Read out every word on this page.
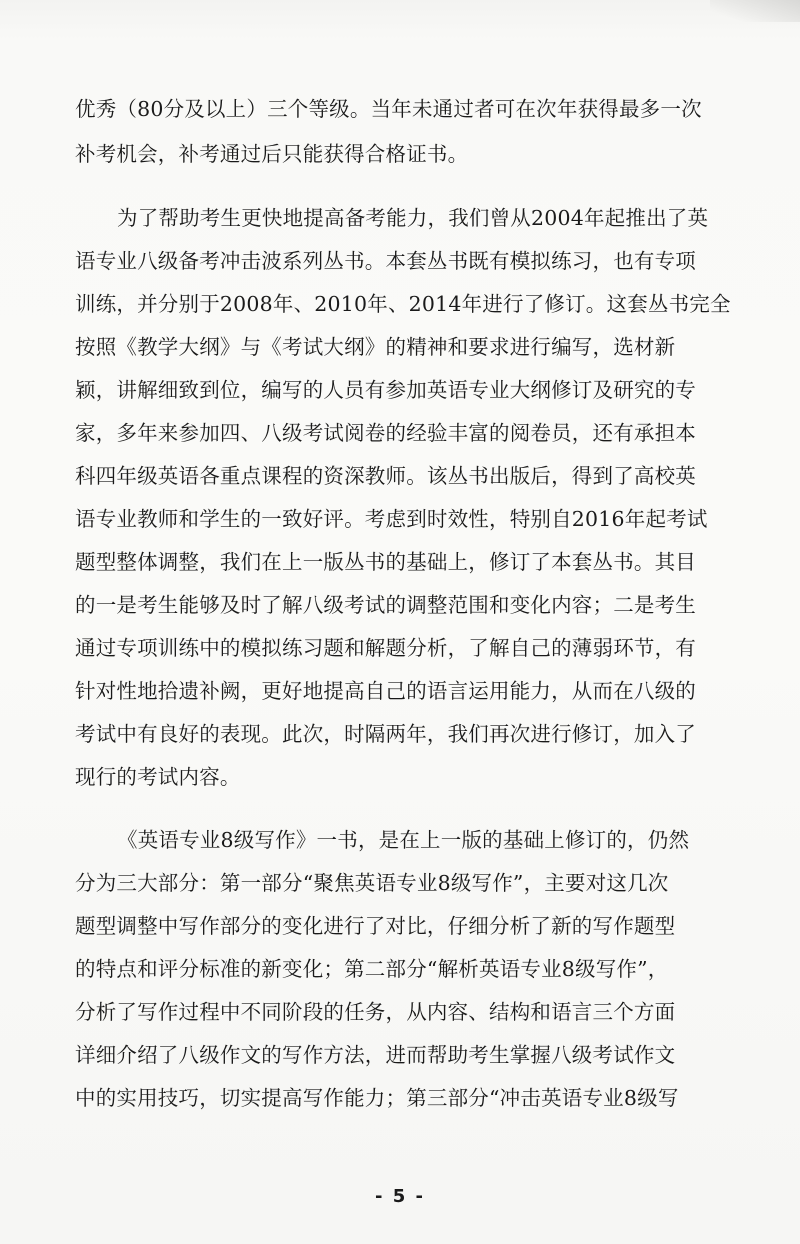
优秀（80分及以上）三个等级。当年未通过者可在次年获得最多一次
补考机会，补考通过后只能获得合格证书。
为了帮助考生更快地提高备考能力，我们曾从2004年起推出了英
语专业八级备考冲击波系列丛书。本套丛书既有模拟练习，也有专项
训练，并分别于2008年、2010年、2014年进行了修订。这套丛书完全
按照《教学大纲》与《考试大纲》的精神和要求进行编写，选材新
颖，讲解细致到位，编写的人员有参加英语专业大纲修订及研究的专
家，多年来参加四、八级考试阅卷的经验丰富的阅卷员，还有承担本
科四年级英语各重点课程的资深教师。该丛书出版后，得到了高校英
语专业教师和学生的一致好评。考虑到时效性，特别自2016年起考试
题型整体调整，我们在上一版丛书的基础上，修订了本套丛书。其目
的一是考生能够及时了解八级考试的调整范围和变化内容；二是考生
通过专项训练中的模拟练习题和解题分析，了解自己的薄弱环节，有
针对性地拾遗补阙，更好地提高自己的语言运用能力，从而在八级的
考试中有良好的表现。此次，时隔两年，我们再次进行修订，加入了
现行的考试内容。
《英语专业8级写作》一书，是在上一版的基础上修订的，仍然
分为三大部分：第一部分“聚焦英语专业8级写作”，主要对这几次
题型调整中写作部分的变化进行了对比，仔细分析了新的写作题型
的特点和评分标准的新变化；第二部分“解析英语专业8级写作”，
分析了写作过程中不同阶段的任务，从内容、结构和语言三个方面
详细介绍了八级作文的写作方法，进而帮助考生掌握八级考试作文
中的实用技巧，切实提高写作能力；第三部分“冲击英语专业8级写
- 5 -
